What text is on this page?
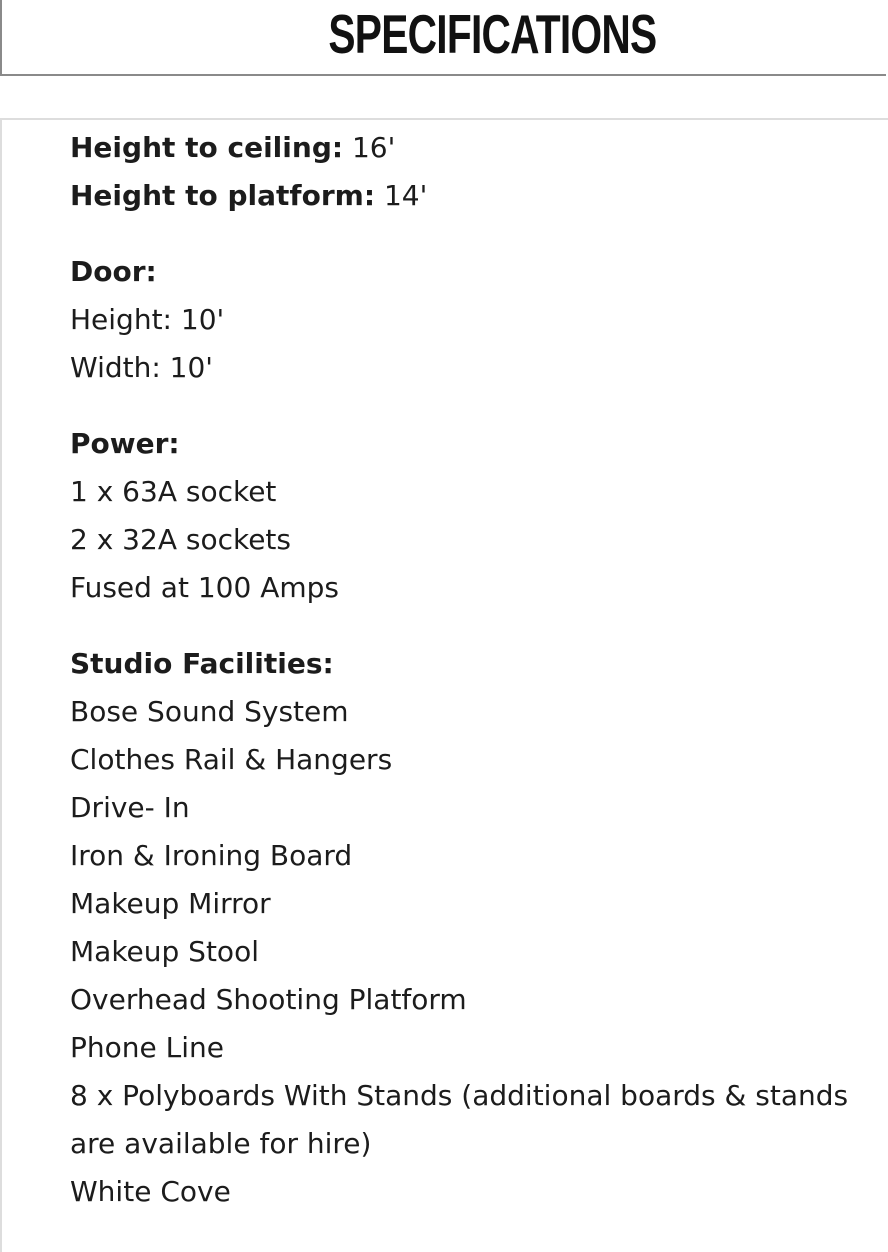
SPECIFICATIONS

Height to ceiling: 16'

Height to platform: 14'

Door:

Height: 10'

Width: 10'

Power:

1 x 63A socket

2 x 32A sockets

Fused at 100 Amps

Studio Facilities:

Bose Sound System

Clothes Rail & Hangers

Drive- In

Iron & Ironing Board

Makeup Mirror

Makeup Stool

Overhead Shooting Platform

Phone Line

8 x Polyboards With Stands (additional boards & stands are available for hire)

White Cove
